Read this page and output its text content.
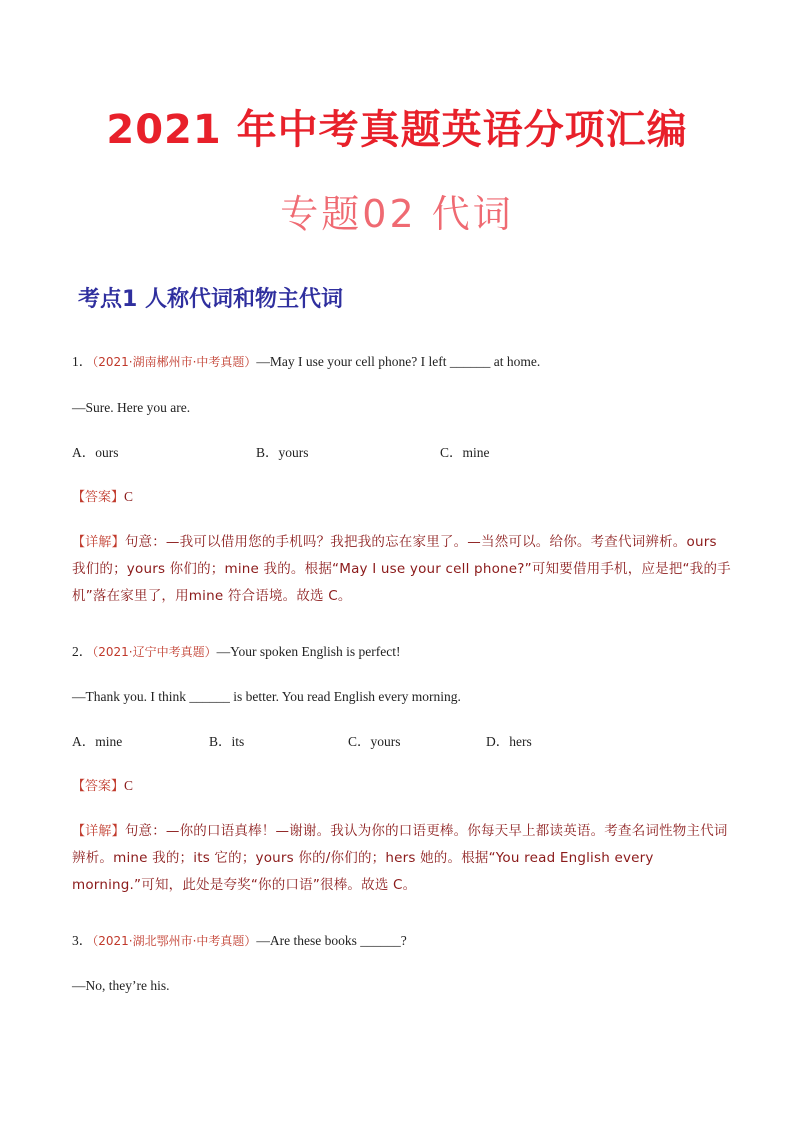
2021 年中考真题英语分项汇编
专题02 代词
考点1 人称代词和物主代词
1．（2021·湖南郴州市·中考真题）—May I use your cell phone? I left ______ at home.
—Sure. Here you are.
A．ours	B．yours	C．mine
【答案】C
【详解】句意：—我可以借用您的手机吗？我把我的忘在家里了。—当然可以。给你。考查代词辨析。ours 我们的；yours 你们的；mine 我的。根据“May I use your cell phone?”可知要借用手机，应是把“我的手机”落在家里了，用mine 符合语境。故选 C。
2．（2021·辽宁中考真题）—Your spoken English is perfect!
—Thank you. I think ______ is better. You read English every morning.
A．mine	B．its	C．yours	D．hers
【答案】C
【详解】句意：—你的口语真棒！—谢谢。我认为你的口语更棒。你每天早上都读英语。考查名词性物主代词辨析。mine 我的；its 它的；yours 你的/你们的；hers 她的。根据“You read English every morning.”可知，此处是夸奖“你的口语”很棒。故选 C。
3．（2021·湖北鄂州市·中考真题）—Are these books ______?
—No, they’re his.
